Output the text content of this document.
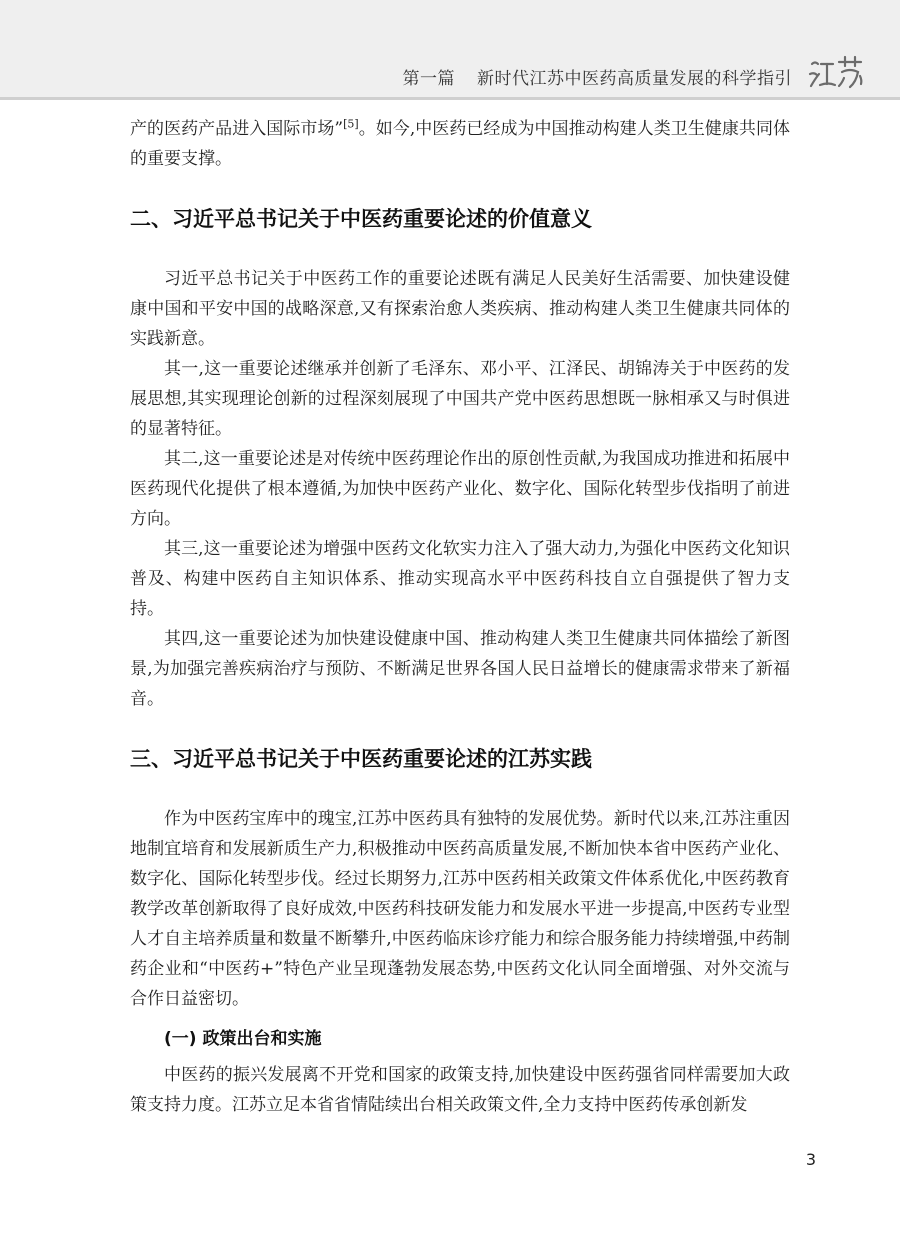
第一篇 新时代江苏中医药高质量发展的科学指引

产的医药产品进入国际市场”[5]。如今,中医药已经成为中国推动构建人类卫生健康共同体的重要支撑。

二、习近平总书记关于中医药重要论述的价值意义

习近平总书记关于中医药工作的重要论述既有满足人民美好生活需要、加快建设健康中国和平安中国的战略深意,又有探索治愈人类疾病、推动构建人类卫生健康共同体的实践新意。

其一,这一重要论述继承并创新了毛泽东、邓小平、江泽民、胡锦涛关于中医药的发展思想,其实现理论创新的过程深刻展现了中国共产党中医药思想既一脉相承又与时俱进的显著特征。

其二,这一重要论述是对传统中医药理论作出的原创性贡献,为我国成功推进和拓展中医药现代化提供了根本遵循,为加快中医药产业化、数字化、国际化转型步伐指明了前进方向。

其三,这一重要论述为增强中医药文化软实力注入了强大动力,为强化中医药文化知识普及、构建中医药自主知识体系、推动实现高水平中医药科技自立自强提供了智力支持。

其四,这一重要论述为加快建设健康中国、推动构建人类卫生健康共同体描绘了新图景,为加强完善疾病治疗与预防、不断满足世界各国人民日益增长的健康需求带来了新福音。

三、习近平总书记关于中医药重要论述的江苏实践

作为中医药宝库中的瑰宝,江苏中医药具有独特的发展优势。新时代以来,江苏注重因地制宜培育和发展新质生产力,积极推动中医药高质量发展,不断加快本省中医药产业化、数字化、国际化转型步伐。经过长期努力,江苏中医药相关政策文件体系优化,中医药教育教学改革创新取得了良好成效,中医药科技研发能力和发展水平进一步提高,中医药专业型人才自主培养质量和数量不断攀升,中医药临床诊疗能力和综合服务能力持续增强,中药制药企业和“中医药+”特色产业呈现蓬勃发展态势,中医药文化认同全面增强、对外交流与合作日益密切。

(一) 政策出台和实施

中医药的振兴发展离不开党和国家的政策支持,加快建设中医药强省同样需要加大政策支持力度。江苏立足本省省情陆续出台相关政策文件,全力支持中医药传承创新发

3
